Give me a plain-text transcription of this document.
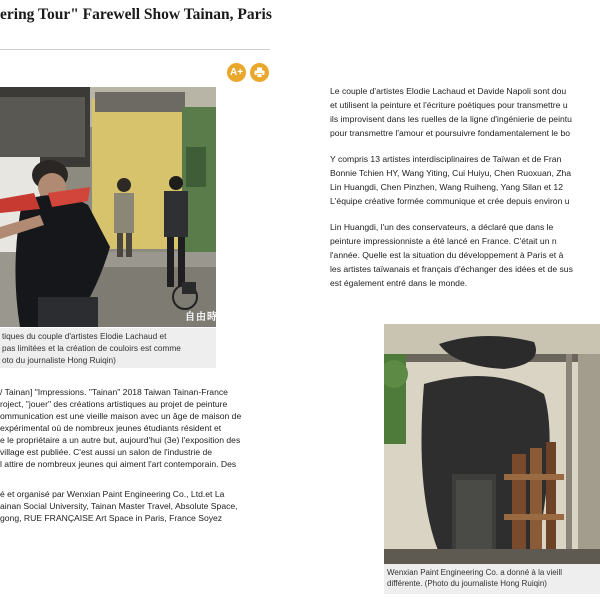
ering Tour" Farewell Show Tainan, Paris
A+
自由時報
tiques du couple d'artistes Elodie Lachaud et
pas limitées et la création de couloirs est comme
oto du journaliste Hong Ruiqin)
/ Tainan] "Impressions. "Tainan" 2018 Taiwan Tainan-France
roject, "jouer" des créations artistiques au projet de peinture
ommunication est une vieille maison avec un âge de maison de
expérimental où de nombreux jeunes étudiants résident et
e le propriétaire a un autre but, aujourd'hui (3e) l'exposition des
village est publiée. C'est aussi un salon de l'industrie de
l attire de nombreux jeunes qui aiment l'art contemporain. Des
é et organisé par Wenxian Paint Engineering Co., Ltd.et La
ainan Social University, Tainan Master Travel, Absolute Space,
gong, RUE FRANÇAISE Art Space in Paris, France Soyez
Le couple d'artistes Elodie Lachaud et Davide Napoli sont dou
et utilisent la peinture et l'écriture poétiques pour transmettre u
ils improvisent dans les ruelles de la ligne d'ingénierie de peintu
pour transmettre l'amour et poursuivre fondamentalement le bo
Y compris 13 artistes interdisciplinaires de Taïwan et de Fran
Bonnie Tchien HY, Wang Yiting, Cui Huiyu, Chen Ruoxuan, Zha
Lin Huangdi, Chen Pinzhen, Wang Ruiheng, Yang Silan et 12
L'équipe créative formée communique et crée depuis environ u
Lin Huangdi, l'un des conservateurs, a déclaré que dans le
peinture impressionniste a été lancé en France. C'était un n
l'année. Quelle est la situation du développement à Paris et à
les artistes taïwanais et français d'échanger des idées et de sus
est également entré dans le monde.
Wenxian Paint Engineering Co. a donné à la vieill
différente. (Photo du journaliste Hong Ruiqin)
